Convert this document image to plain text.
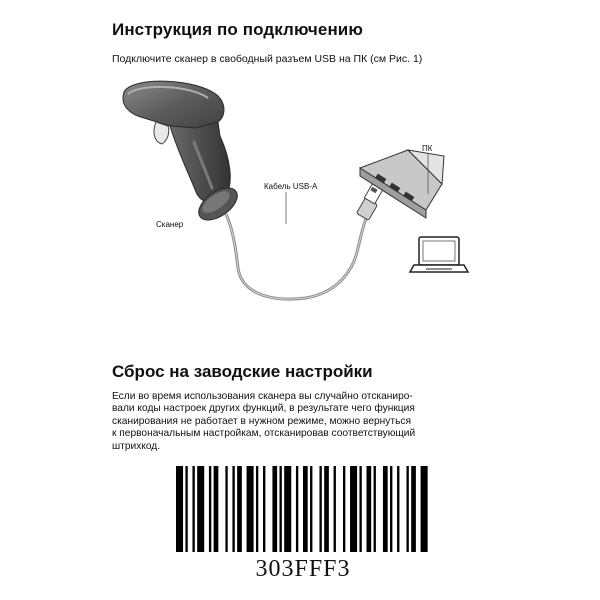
Инструкция по подключению
Подключите сканер в свободный разъем USB на ПК (см Рис. 1)
Сканер
Кабель USB-A
ПК
Сброс на заводские настройки
Если во время использования сканера вы случайно отсканиро-
вали коды настроек других функций, в результате чего функция
сканирования не работает в нужном режиме, можно вернуться
к первоначальным настройкам, отсканировав соответствующий
штрихкод.
303FFF3
